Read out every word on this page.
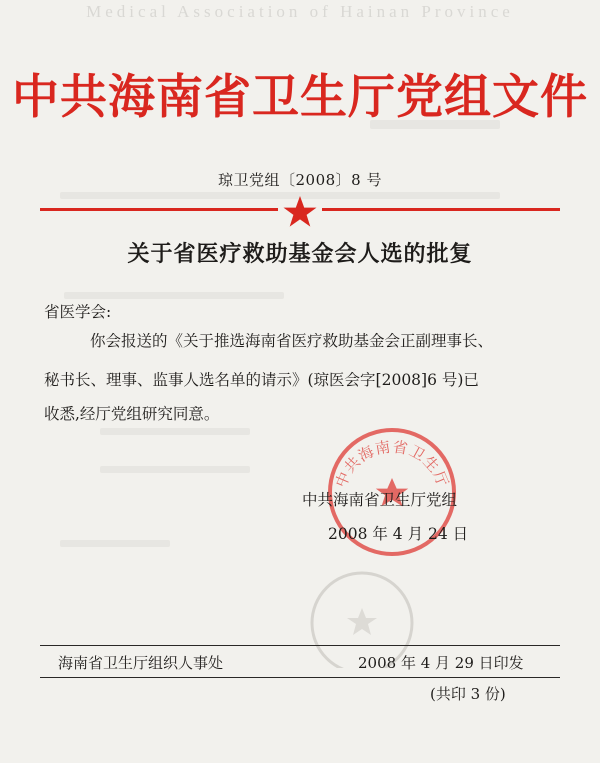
Medical Association of Hainan Province
中共海南省卫生厅党组文件
琼卫党组〔2008〕8 号
关于省医疗救助基金会人选的批复
省医学会:
你会报送的《关于推选海南省医疗救助基金会正副理事长、
秘书长、理事、监事人选名单的请示》(琼医会字[2008]6 号)已
收悉,经厅党组研究同意。
中共海南省卫生厅
中共海南省卫生厅党组
2008 年 4 月 24 日
海南省卫生厅组织人事处	2008 年 4 月 29 日印发
(共印 3 份)
